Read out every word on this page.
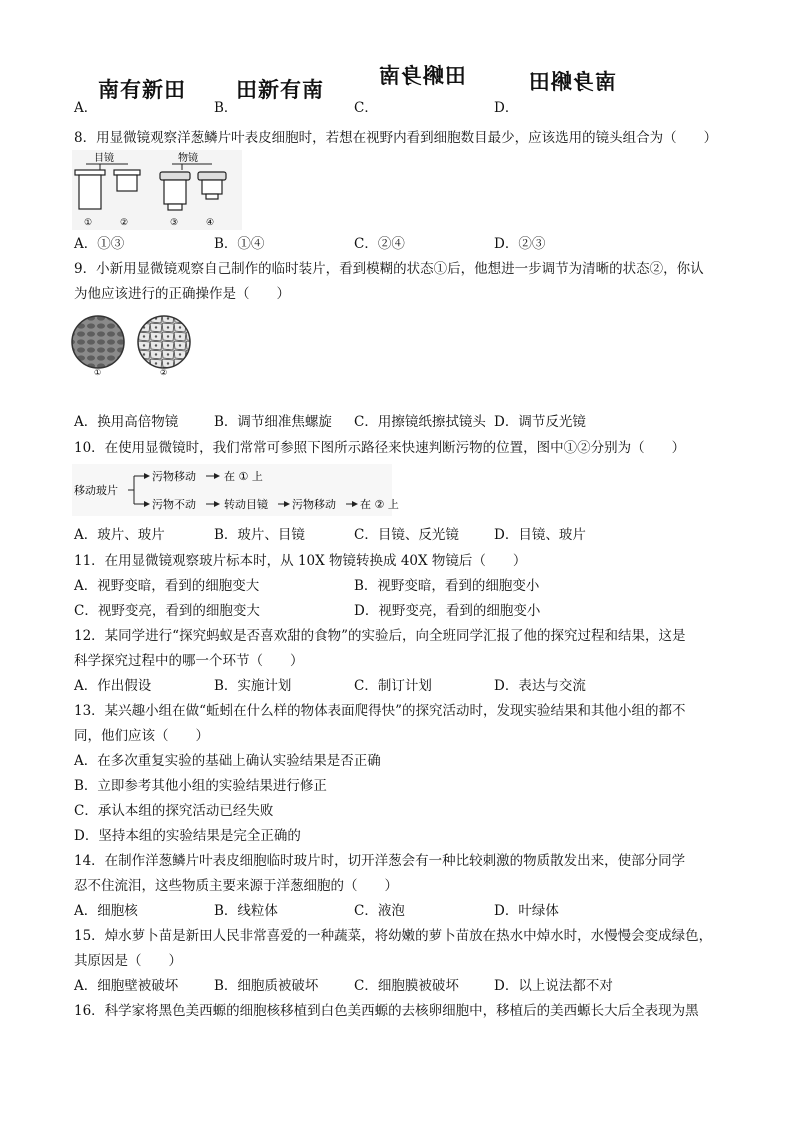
A．
南有新田
B．
田新有南
C．
田蝌身南
D．
南身蝌田
8．用显微镜观察洋葱鳞片叶表皮细胞时，若想在视野内看到细胞数目最少，应该选用的镜头组合为（　　）
目镜	物镜
①	②	③	④
A．①③	B．①④	C．②④	D．②③
9．小新用显微镜观察自己制作的临时装片，看到模糊的状态①后，他想进一步调节为清晰的状态②，你认
为他应该进行的正确操作是（　　）
①	②
A．换用高倍物镜	B．调节细准焦螺旋 C．用擦镜纸擦拭镜头 D．调节反光镜
10．在使用显微镜时，我们常常可参照下图所示路径来快速判断污物的位置，图中①②分别为（　　）
移动玻片
污物移动	在 ① 上
污物不动	转动目镜 污物移动 在 ② 上
A．玻片、玻片	B．玻片、目镜	C．目镜、反光镜	D．目镜、玻片
11．在用显微镜观察玻片标本时，从 10X 物镜转换成 40X 物镜后（　　）
A．视野变暗，看到的细胞变大	B．视野变暗，看到的细胞变小
C．视野变亮，看到的细胞变大	D．视野变亮，看到的细胞变小
12．某同学进行“探究蚂蚁是否喜欢甜的食物”的实验后，向全班同学汇报了他的探究过程和结果，这是
科学探究过程中的哪一个环节（　　）
A．作出假设	B．实施计划	C．制订计划	D．表达与交流
13．某兴趣小组在做“蚯蚓在什么样的物体表面爬得快”的探究活动时，发现实验结果和其他小组的都不
同，他们应该（　　）
A．在多次重复实验的基础上确认实验结果是否正确
B．立即参考其他小组的实验结果进行修正
C．承认本组的探究活动已经失败
D．坚持本组的实验结果是完全正确的
14．在制作洋葱鳞片叶表皮细胞临时玻片时，切开洋葱会有一种比较刺激的物质散发出来，使部分同学
忍不住流泪，这些物质主要来源于洋葱细胞的（　　）
A．细胞核	B．线粒体	C．液泡	D．叶绿体
15．焯水萝卜苗是新田人民非常喜爱的一种蔬菜，将幼嫩的萝卜苗放在热水中焯水时，水慢慢会变成绿色，
其原因是（　　）
A．细胞壁被破坏	B．细胞质被破坏	C．细胞膜被破坏	D．以上说法都不对
16．科学家将黑色美西螈的细胞核移植到白色美西螈的去核卵细胞中，移植后的美西螈长大后全表现为黑
